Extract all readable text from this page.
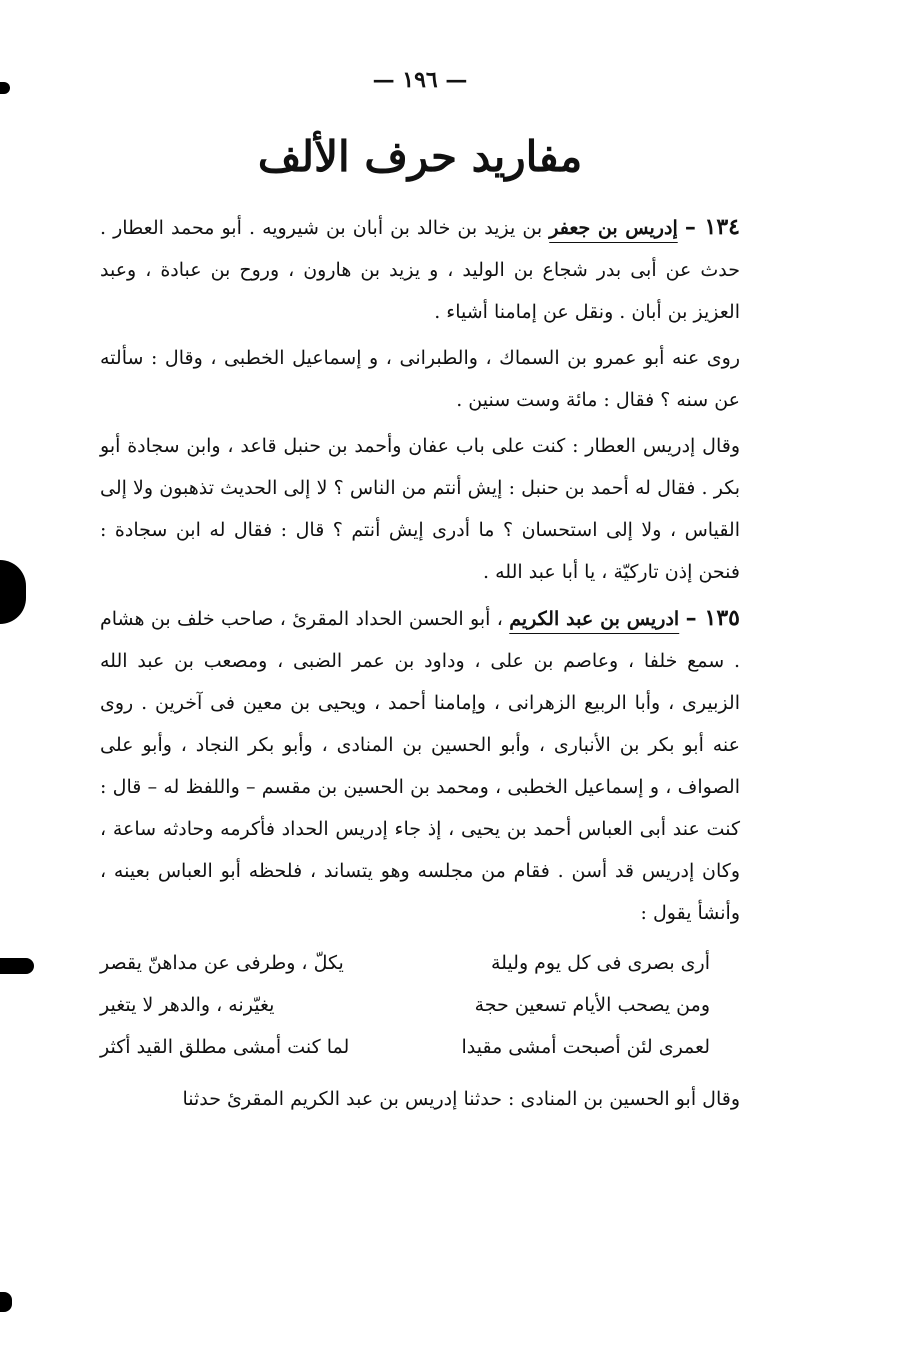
— ١٩٦ —
مفاريد حرف الألف

١٣٤ – إدريس بن جعفر بن يزيد بن خالد بن أبان بن شيرويه . أبو محمد العطار . حدث عن أبى بدر شجاع بن الوليد ، و يزيد بن هارون ، وروح بن عبادة ، وعبد العزيز بن أبان . ونقل عن إمامنا أشياء .

روى عنه أبو عمرو بن السماك ، والطبرانى ، و إسماعيل الخطبى ، وقال : سألته عن سنه ؟ فقال : مائة وست سنين .

وقال إدريس العطار : كنت على باب عفان وأحمد بن حنبل قاعد ، وابن سجادة أبو بكر . فقال له أحمد بن حنبل : إيش أنتم من الناس ؟ لا إلى الحديث تذهبون ولا إلى القياس ، ولا إلى استحسان ؟ ما أدرى إيش أنتم ؟ قال : فقال له ابن سجادة : فنحن إذن تاركيّة ، يا أبا عبد الله .

١٣٥ – ادريس بن عبد الكريم ، أبو الحسن الحداد المقرئ ، صاحب خلف بن هشام . سمع خلفا ، وعاصم بن على ، وداود بن عمر الضبى ، ومصعب بن عبد الله الزبيرى ، وأبا الربيع الزهرانى ، وإمامنا أحمد ، ويحيى بن معين فى آخرين . روى عنه أبو بكر بن الأنبارى ، وأبو الحسين بن المنادى ، وأبو بكر النجاد ، وأبو على الصواف ، و إسماعيل الخطبى ، ومحمد بن الحسين بن مقسم – واللفظ له – قال : كنت عند أبى العباس أحمد بن يحيى ، إذ جاء إدريس الحداد فأكرمه وحادثه ساعة ، وكان إدريس قد أسن . فقام من مجلسه وهو يتساند ، فلحظه أبو العباس بعينه ، وأنشأ يقول :

أرى بصرى فى كل يوم وليلة
يكلّ ، وطرفى عن مداهنّ يقصر
ومن يصحب الأيام تسعين حجة
يغيّرنه ، والدهر لا يتغير
لعمرى لئن أصبحت أمشى مقيدا
لما كنت أمشى مطلق القيد أكثر

وقال أبو الحسين بن المنادى : حدثنا إدريس بن عبد الكريم المقرئ حدثنا
